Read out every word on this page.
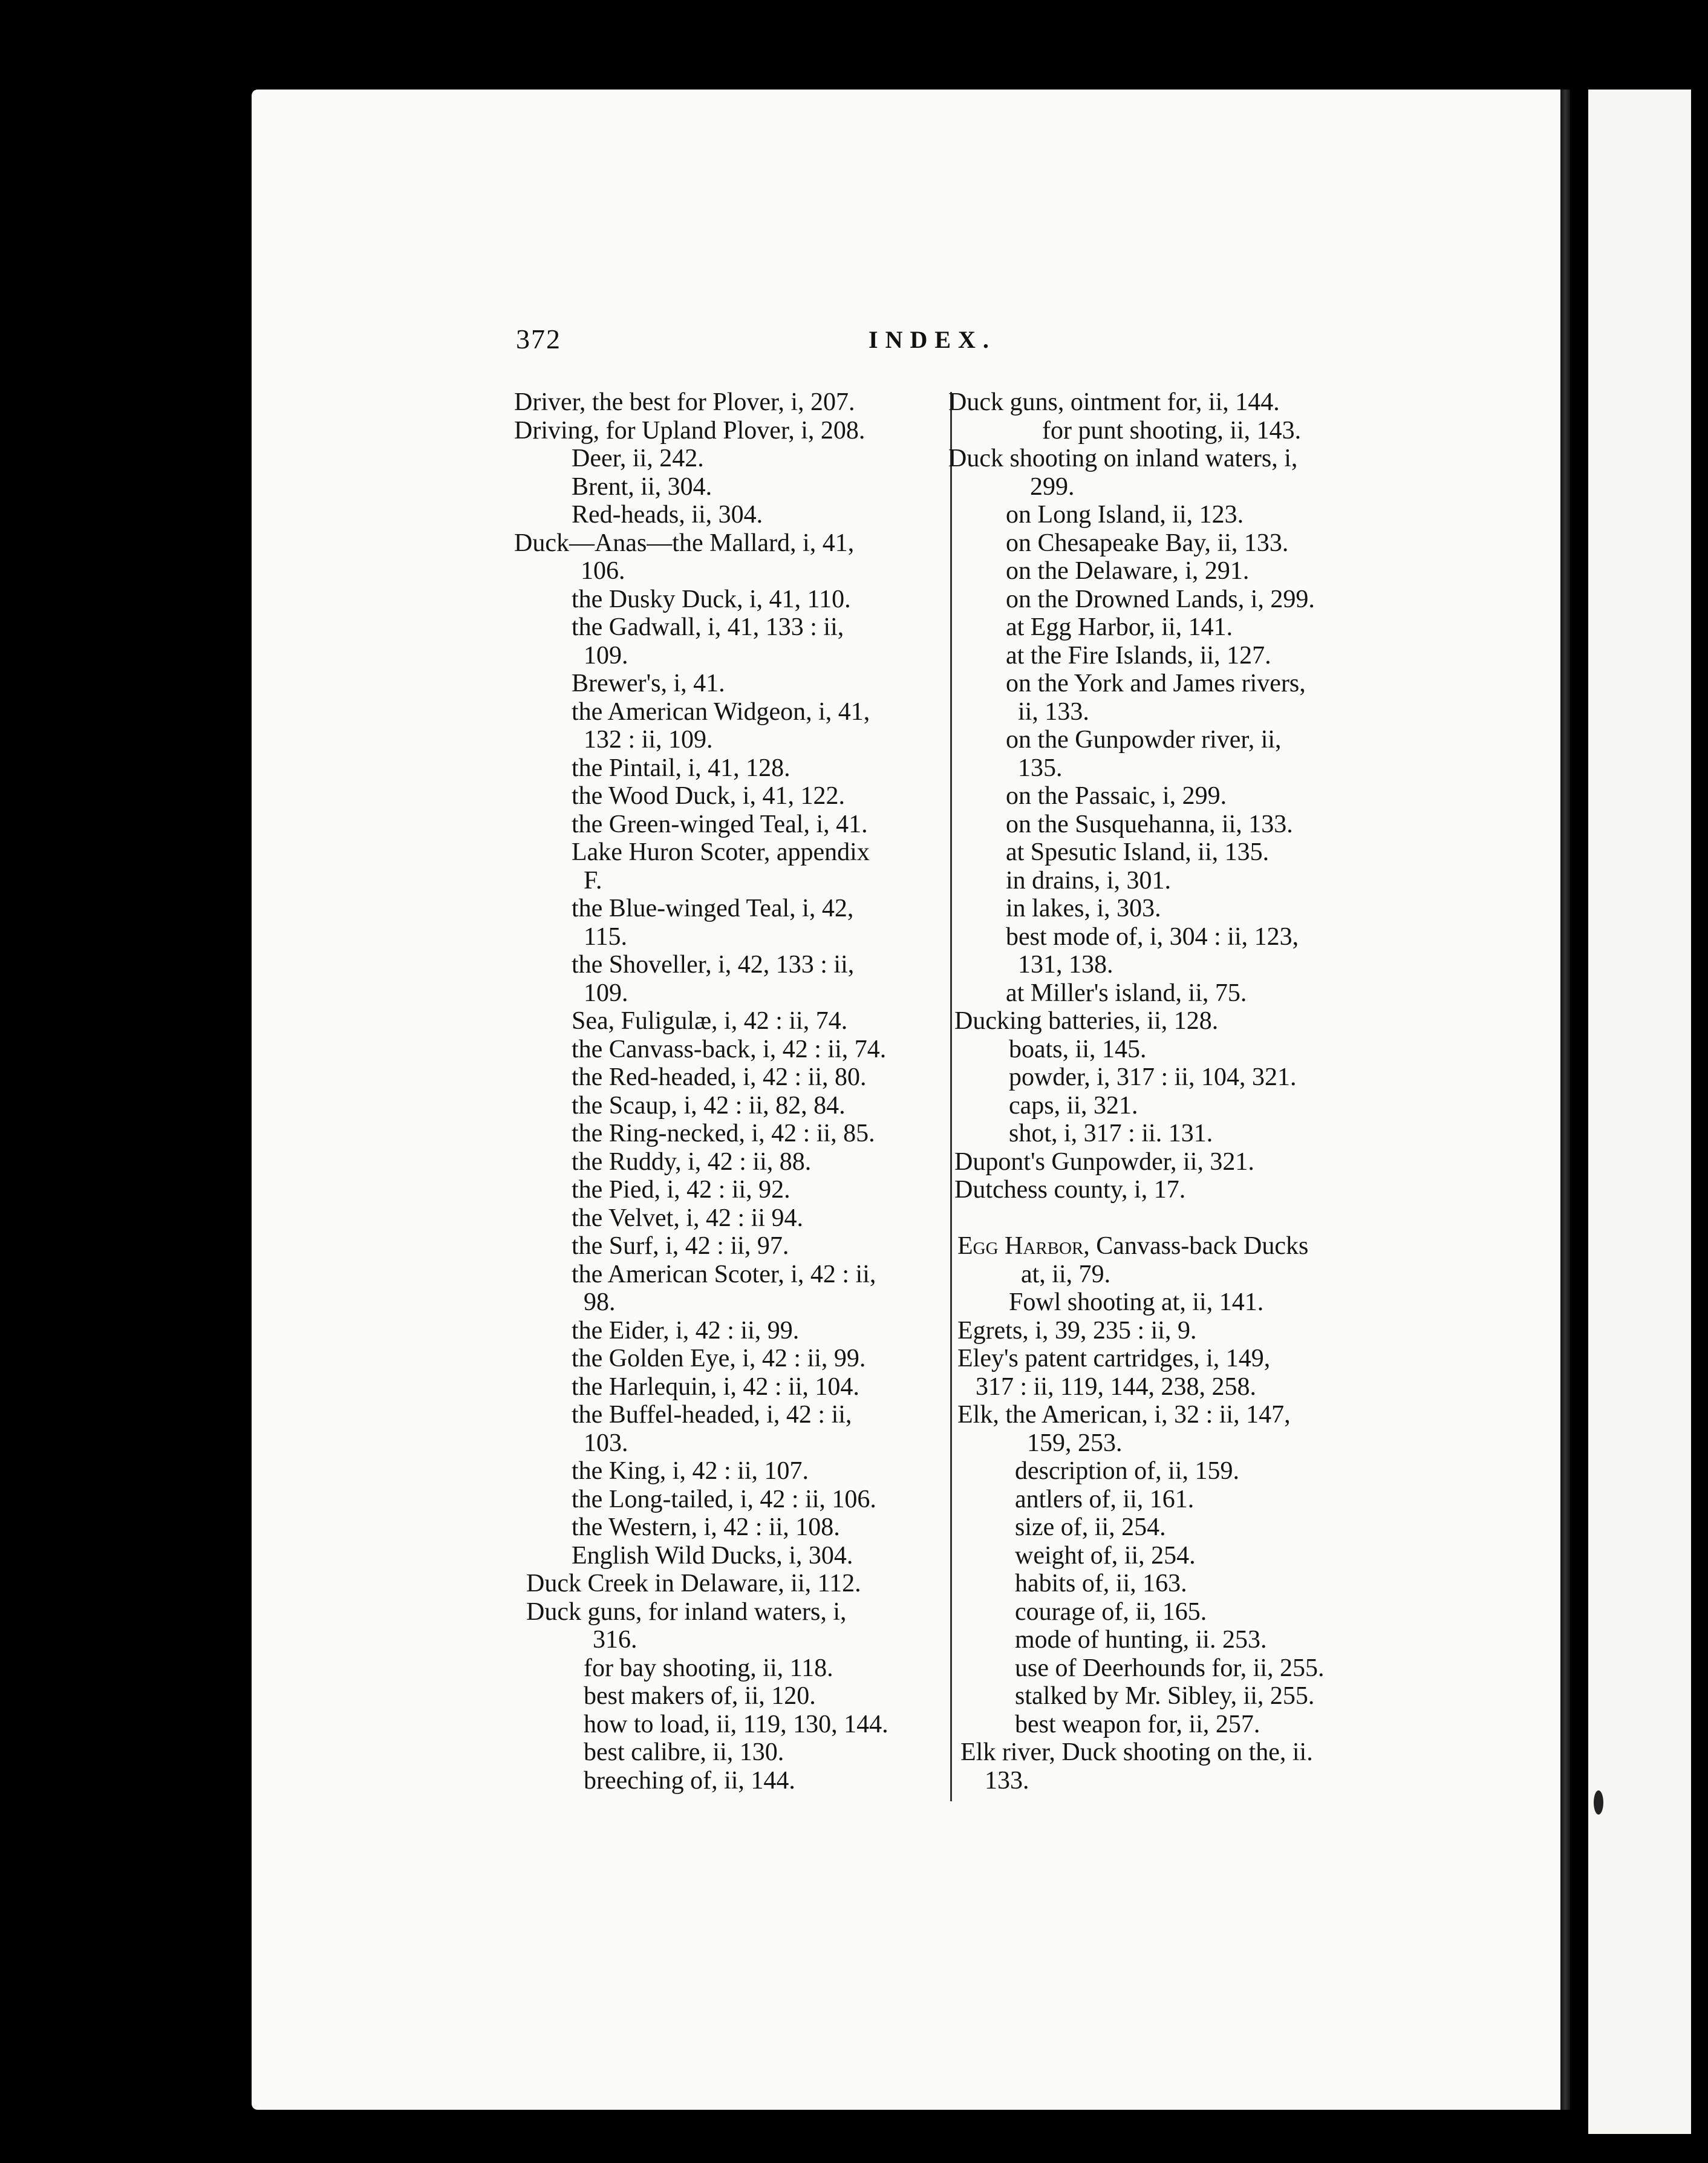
372	INDEX.
Driver, the best for Plover, i, 207.
Driving, for Upland Plover, i, 208.
Deer, ii, 242.
Brent, ii, 304.
Red-heads, ii, 304.
Duck—Anas—the Mallard, i, 41,
106.
the Dusky Duck, i, 41, 110.
the Gadwall, i, 41, 133 : ii,
109.
Brewer's, i, 41.
the American Widgeon, i, 41,
132 : ii, 109.
the Pintail, i, 41, 128.
the Wood Duck, i, 41, 122.
the Green-winged Teal, i, 41.
Lake Huron Scoter, appendix
F.
the Blue-winged Teal, i, 42,
115.
the Shoveller, i, 42, 133 : ii,
109.
Sea, Fuligulæ, i, 42 : ii, 74.
the Canvass-back, i, 42 : ii, 74.
the Red-headed, i, 42 : ii, 80.
the Scaup, i, 42 : ii, 82, 84.
the Ring-necked, i, 42 : ii, 85.
the Ruddy, i, 42 : ii, 88.
the Pied, i, 42 : ii, 92.
the Velvet, i, 42 : ii 94.
the Surf, i, 42 : ii, 97.
the American Scoter, i, 42 : ii,
98.
the Eider, i, 42 : ii, 99.
the Golden Eye, i, 42 : ii, 99.
the Harlequin, i, 42 : ii, 104.
the Buffel-headed, i, 42 : ii,
103.
the King, i, 42 : ii, 107.
the Long-tailed, i, 42 : ii, 106.
the Western, i, 42 : ii, 108.
English Wild Ducks, i, 304.
Duck Creek in Delaware, ii, 112.
Duck guns, for inland waters, i,
316.
for bay shooting, ii, 118.
best makers of, ii, 120.
how to load, ii, 119, 130, 144.
best calibre, ii, 130.
breeching of, ii, 144.
Duck guns, ointment for, ii, 144.
for punt shooting, ii, 143.
Duck shooting on inland waters, i,
299.
on Long Island, ii, 123.
on Chesapeake Bay, ii, 133.
on the Delaware, i, 291.
on the Drowned Lands, i, 299.
at Egg Harbor, ii, 141.
at the Fire Islands, ii, 127.
on the York and James rivers,
ii, 133.
on the Gunpowder river, ii,
135.
on the Passaic, i, 299.
on the Susquehanna, ii, 133.
at Spesutic Island, ii, 135.
in drains, i, 301.
in lakes, i, 303.
best mode of, i, 304 : ii, 123,
131, 138.
at Miller's island, ii, 75.
Ducking batteries, ii, 128.
boats, ii, 145.
powder, i, 317 : ii, 104, 321.
caps, ii, 321.
shot, i, 317 : ii. 131.
Dupont's Gunpowder, ii, 321.
Dutchess county, i, 17.
Egg Harbor, Canvass-back Ducks
at, ii, 79.
Fowl shooting at, ii, 141.
Egrets, i, 39, 235 : ii, 9.
Eley's patent cartridges, i, 149,
317 : ii, 119, 144, 238, 258.
Elk, the American, i, 32 : ii, 147,
159, 253.
description of, ii, 159.
antlers of, ii, 161.
size of, ii, 254.
weight of, ii, 254.
habits of, ii, 163.
courage of, ii, 165.
mode of hunting, ii. 253.
use of Deerhounds for, ii, 255.
stalked by Mr. Sibley, ii, 255.
best weapon for, ii, 257.
Elk river, Duck shooting on the, ii.
133.
